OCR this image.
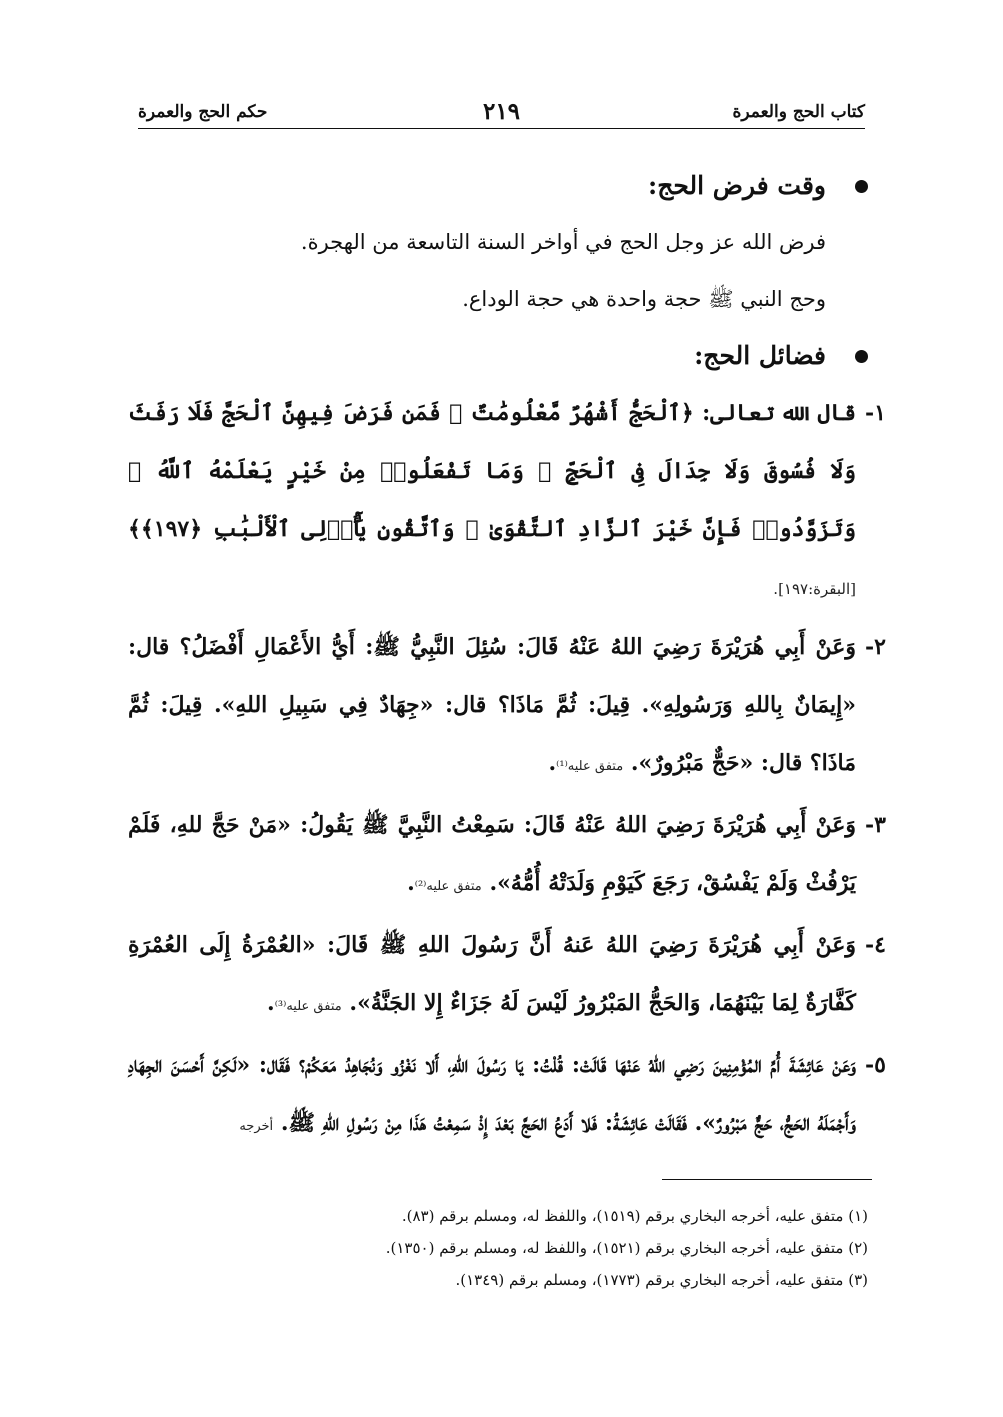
كتاب الحج والعمرة
٢١٩
حكم الحج والعمرة
وقت فرض الحج:
فرض الله عز وجل الحج في أواخر السنة التاسعة من الهجرة.
وحج النبي ﷺ حجة واحدة هي حجة الوداع.
فضائل الحج:
١-

قال الله تعالى: ﴿ٱلْحَجُّ أَشْهُرٌ مَّعْلُومَٰتٌ ۚ فَمَن فَرَضَ فِيهِنَّ ٱلْحَجَّ فَلَا رَفَثَ وَلَا فُسُوقَ وَلَا جِدَالَ فِى ٱلْحَجِّ ۗ وَمَا تَفْعَلُوا۟ مِنْ خَيْرٍ يَعْلَمْهُ ٱللَّهُ ۗ وَتَزَوَّدُوا۟ فَإِنَّ خَيْرَ ٱلزَّادِ ٱلتَّقْوَىٰ ۚ وَٱتَّقُونِ يَٰٓأُو۟لِى ٱلْأَلْبَٰبِ ﴿١٩٧﴾﴾ [البقرة:١٩٧].

٢-

وَعَنْ أَبِي هُرَيْرَةَ رَضِيَ اللهُ عَنْهُ قَالَ: سُئِلَ النَّبِيُّ ﷺ: أَيُّ الأَعْمَالِ أَفْضَلُ؟ قال: «إِيمَانٌ بِاللهِ وَرَسُولِهِ». قِيلَ: ثُمَّ مَاذَا؟ قال: «جِهَادٌ فِي سَبِيلِ اللهِ». قِيلَ: ثُمَّ مَاذَا؟ قال: «حَجٌّ مَبْرُورٌ». متفق عليه⁽¹⁾.

٣-

وَعَنْ أَبِي هُرَيْرَةَ رَضِيَ اللهُ عَنْهُ قَالَ: سَمِعْتُ النَّبِيَّ ﷺ يَقُولُ: «مَنْ حَجَّ للهِ، فَلَمْ يَرْفُثْ وَلَمْ يَفْسُقْ، رَجَعَ كَيَوْمِ وَلَدَتْهُ أُمُّهُ». متفق عليه⁽²⁾.

٤-

وَعَنْ أَبِي هُرَيْرَةَ رَضِيَ اللهُ عَنهُ أَنَّ رَسُولَ اللهِ ﷺ قَالَ: «العُمْرَةُ إِلَى العُمْرَةِ كَفَّارَةٌ لِمَا بَيْنَهُمَا، وَالحَجُّ المَبْرُورُ لَيْسَ لَهُ جَزَاءٌ إِلا الجَنَّةُ». متفق عليه⁽³⁾.

٥-

وَعَنْ عَائِشَةَ أُمِّ المُؤْمِنِينَ رَضِي اللهُ عَنْهَا قَالَتْ: قُلْتُ: يَا رَسُولَ اللهِ، أَلا نَغْزُو وَنُجَاهِدُ مَعَكُمْ؟ فَقَال: «لَكِنَّ أَحْسَنَ الجِهَادِ وَأَجْمَلَهُ الحَجُّ، حَجٌّ مَبْرُورٌ». فَقَالَتْ عَائِشَةُ: فَلا أَدَعُ الحَجَّ بَعْدَ إِذْ سَمِعْتُ هَذَا مِنْ رَسُولِ اللهِ ﷺ. أخرجه

(١) متفق عليه، أخرجه البخاري برقم (١٥١٩)، واللفظ له، ومسلم برقم (٨٣).
(٢) متفق عليه، أخرجه البخاري برقم (١٥٢١)، واللفظ له، ومسلم برقم (١٣٥٠).
(٣) متفق عليه، أخرجه البخاري برقم (١٧٧٣)، ومسلم برقم (١٣٤٩).
